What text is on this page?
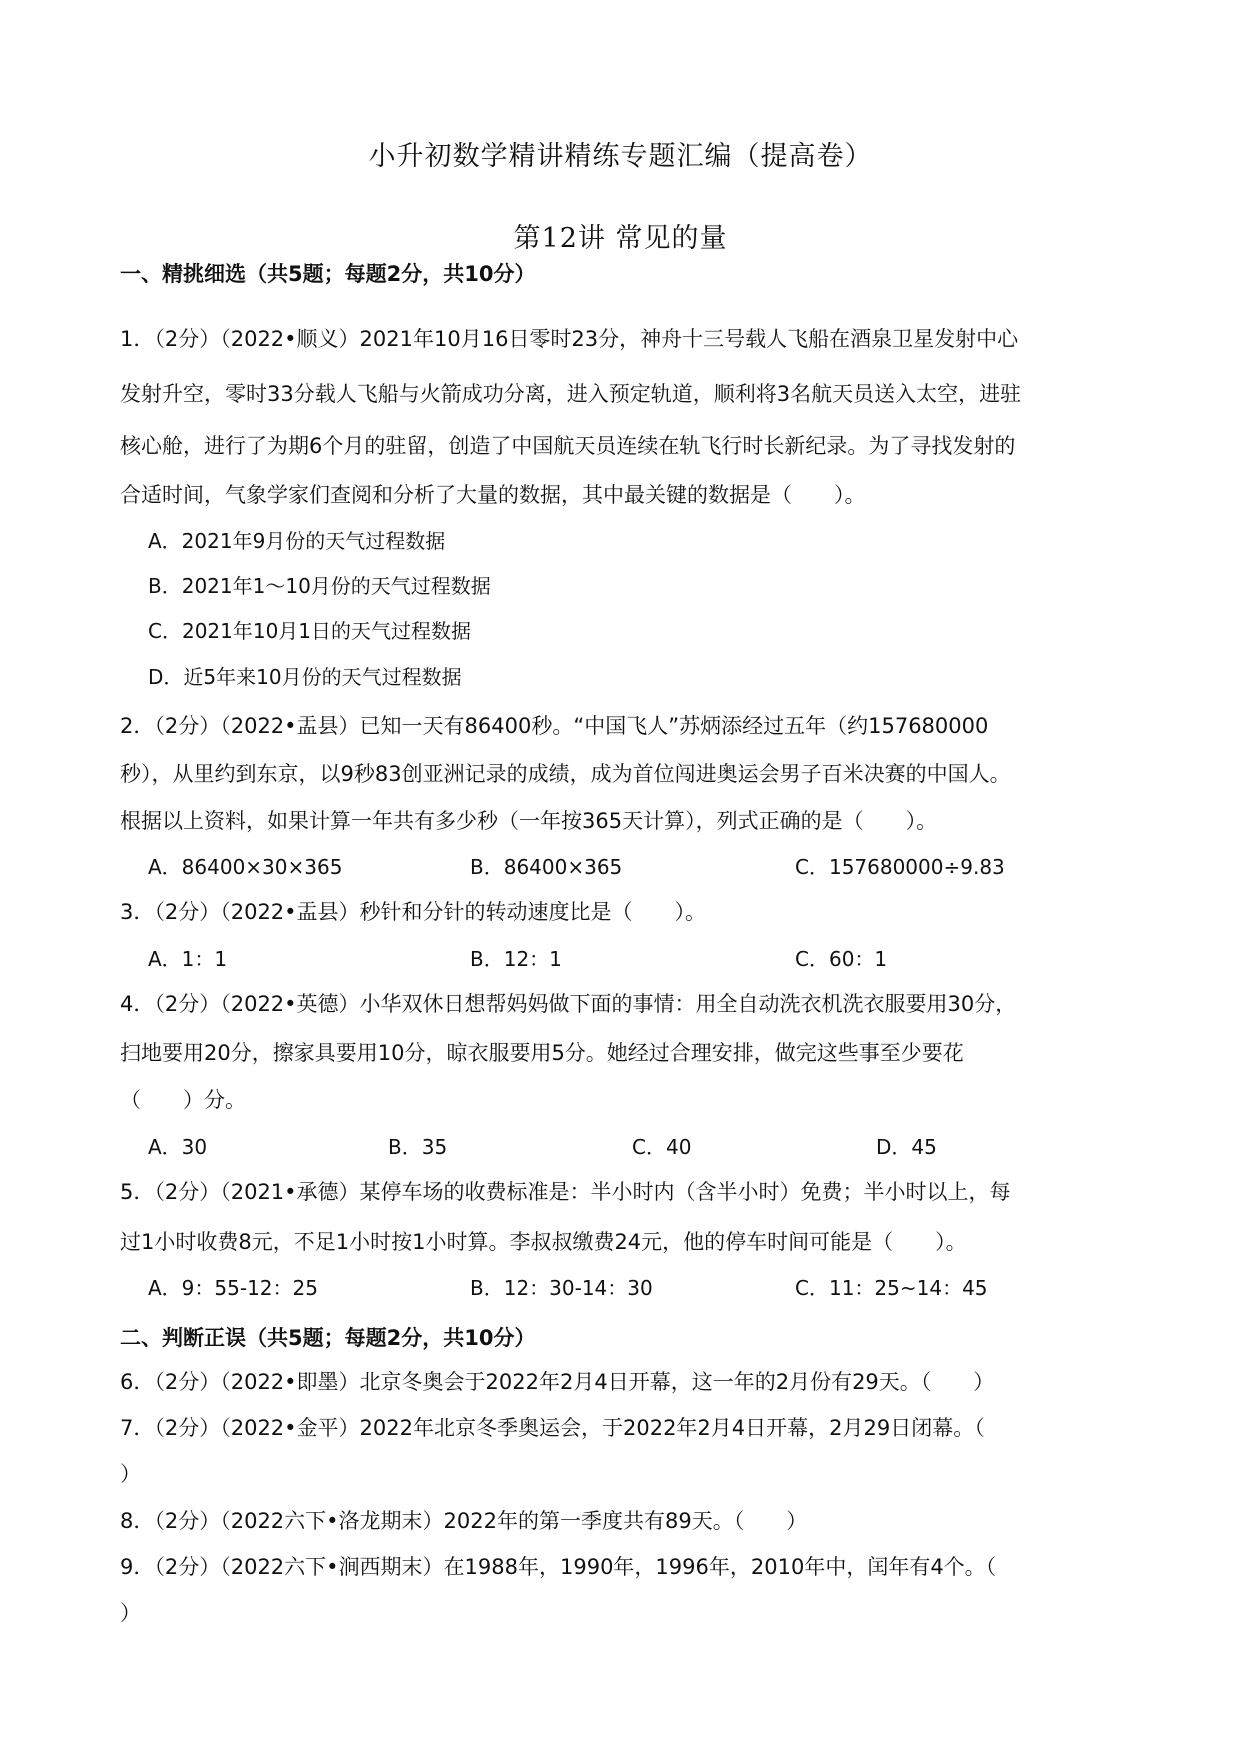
小升初数学精讲精练专题汇编（提高卷）
第12讲 常见的量
一、精挑细选（共5题；每题2分，共10分）
1．（2分）（2022•顺义）2021年10月16日零时23分，神舟十三号载人飞船在酒泉卫星发射中心
发射升空，零时33分载人飞船与火箭成功分离，进入预定轨道，顺利将3名航天员送入太空，进驻
核心舱，进行了为期6个月的驻留，创造了中国航天员连续在轨飞行时长新纪录。为了寻找发射的
合适时间，气象学家们查阅和分析了大量的数据，其中最关键的数据是（　　）。
A．2021年9月份的天气过程数据
B．2021年1～10月份的天气过程数据
C．2021年10月1日的天气过程数据
D．近5年来10月份的天气过程数据
2．（2分）（2022•盂县）已知一天有86400秒。“中国飞人”苏炳添经过五年（约157680000
秒），从里约到东京，以9秒83创亚洲记录的成绩，成为首位闯进奥运会男子百米决赛的中国人。
根据以上资料，如果计算一年共有多少秒（一年按365天计算），列式正确的是（　　）。
A．86400×30×365	B．86400×365	C．157680000÷9.83
3．（2分）（2022•盂县）秒针和分针的转动速度比是（　　）。
A．1：1	B．12：1	C．60：1
4．（2分）（2022•英德）小华双休日想帮妈妈做下面的事情：用全自动洗衣机洗衣服要用30分，
扫地要用20分，擦家具要用10分，晾衣服要用5分。她经过合理安排，做完这些事至少要花
（　　）分。
A．30	B．35	C．40	D．45
5．（2分）（2021•承德）某停车场的收费标准是：半小时内（含半小时）免费；半小时以上，每
过1小时收费8元，不足1小时按1小时算。李叔叔缴费24元，他的停车时间可能是（　　）。
A．9：55-12：25	B．12：30-14：30	C．11：25~14：45
二、判断正误（共5题；每题2分，共10分）
6．（2分）（2022•即墨）北京冬奥会于2022年2月4日开幕，这一年的2月份有29天。（　　）
7．（2分）（2022•金平）2022年北京冬季奥运会，于2022年2月4日开幕，2月29日闭幕。（
）
8．（2分）（2022六下•洛龙期末）2022年的第一季度共有89天。（　　）
9．（2分）（2022六下•涧西期末）在1988年，1990年，1996年，2010年中，闰年有4个。（
）
